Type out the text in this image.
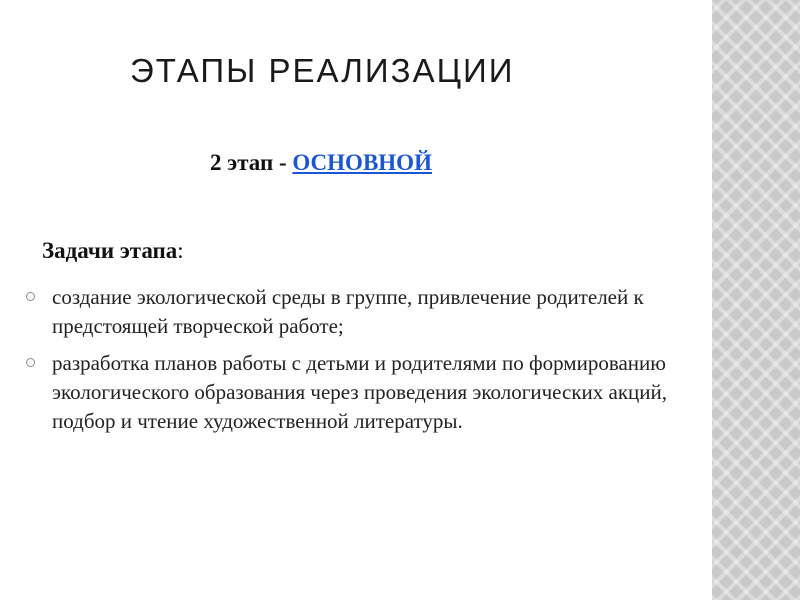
ЭТАПЫ РЕАЛИЗАЦИИ
2 этап - ОСНОВНОЙ
Задачи этапа:
создание экологической среды в группе, привлечение родителей к предстоящей творческой работе;
разработка планов работы с детьми и родителями по формированию экологического образования через проведения экологических акций, подбор и чтение художественной литературы.
